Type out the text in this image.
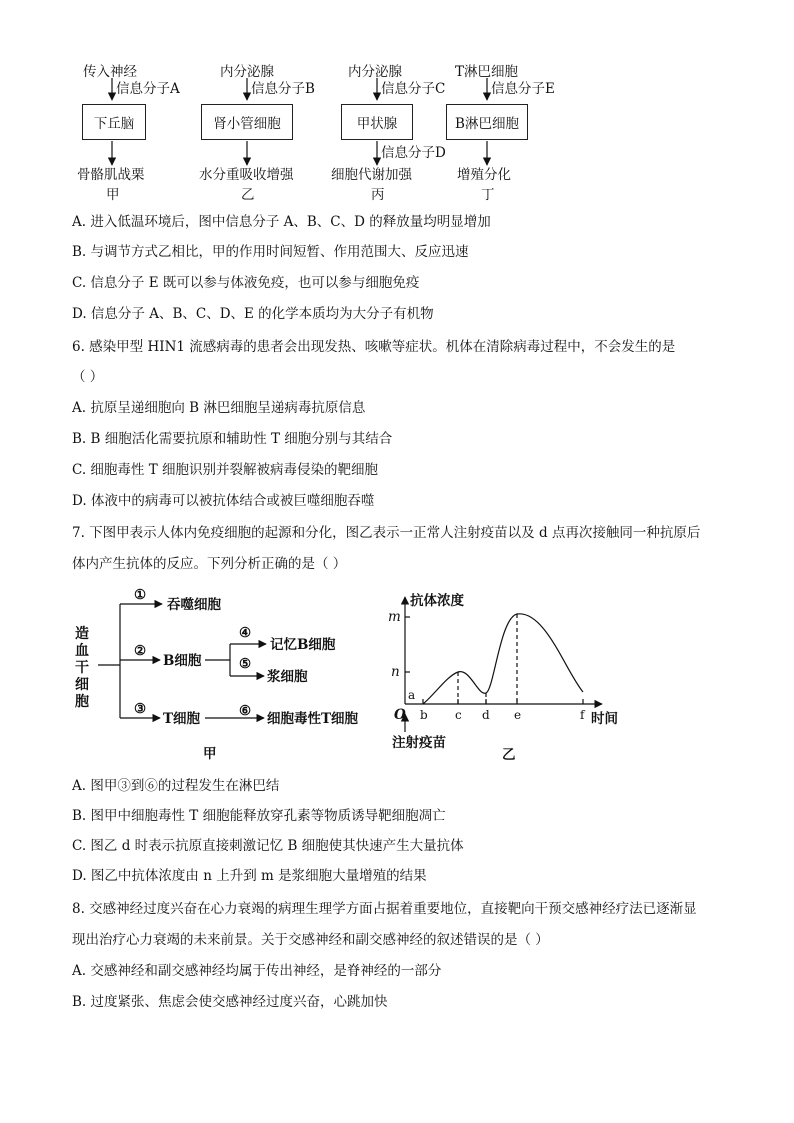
传入神经	内分泌腺	内分泌腺	T淋巴细胞
信息分子A	信息分子B	信息分子C	信息分子E
下丘脑	肾小管细胞	甲状腺	B淋巴细胞
信息分子D
骨骼肌战栗	水分重吸收增强	细胞代谢加强	增殖分化
甲	乙	丙	丁
A. 进入低温环境后，图中信息分子 A、B、C、D 的释放量均明显增加
B. 与调节方式乙相比，甲的作用时间短暂、作用范围大、反应迅速
C. 信息分子 E 既可以参与体液免疫，也可以参与细胞免疫
D. 信息分子 A、B、C、D、E 的化学本质均为大分子有机物
6. 感染甲型 HIN1 流感病毒的患者会出现发热、咳嗽等症状。机体在清除病毒过程中，不会发生的是
（ ）
A. 抗原呈递细胞向 B 淋巴细胞呈递病毒抗原信息
B. B 细胞活化需要抗原和辅助性 T 细胞分别与其结合
C. 细胞毒性 T 细胞识别并裂解被病毒侵染的靶细胞
D. 体液中的病毒可以被抗体结合或被巨噬细胞吞噬
7. 下图甲表示人体内免疫细胞的起源和分化，图乙表示一正常人注射疫苗以及 d 点再次接触同一种抗原后
体内产生抗体的反应。下列分析正确的是（ ）
造血干细胞
①
②
③
④
⑤
⑥
吞噬细胞
B细胞
T细胞
记忆B细胞
浆细胞
细胞毒性T细胞
甲
抗体浓度
m
n
a
O b c d e	f 时间
注射疫苗
乙
A. 图甲③到⑥的过程发生在淋巴结
B. 图甲中细胞毒性 T 细胞能释放穿孔素等物质诱导靶细胞凋亡
C. 图乙 d 时表示抗原直接刺激记忆 B 细胞使其快速产生大量抗体
D. 图乙中抗体浓度由 n 上升到 m 是浆细胞大量增殖的结果
8. 交感神经过度兴奋在心力衰竭的病理生理学方面占据着重要地位，直接靶向干预交感神经疗法已逐渐显
现出治疗心力衰竭的未来前景。关于交感神经和副交感神经的叙述错误的是（ ）
A. 交感神经和副交感神经均属于传出神经，是脊神经的一部分
B. 过度紧张、焦虑会使交感神经过度兴奋，心跳加快
